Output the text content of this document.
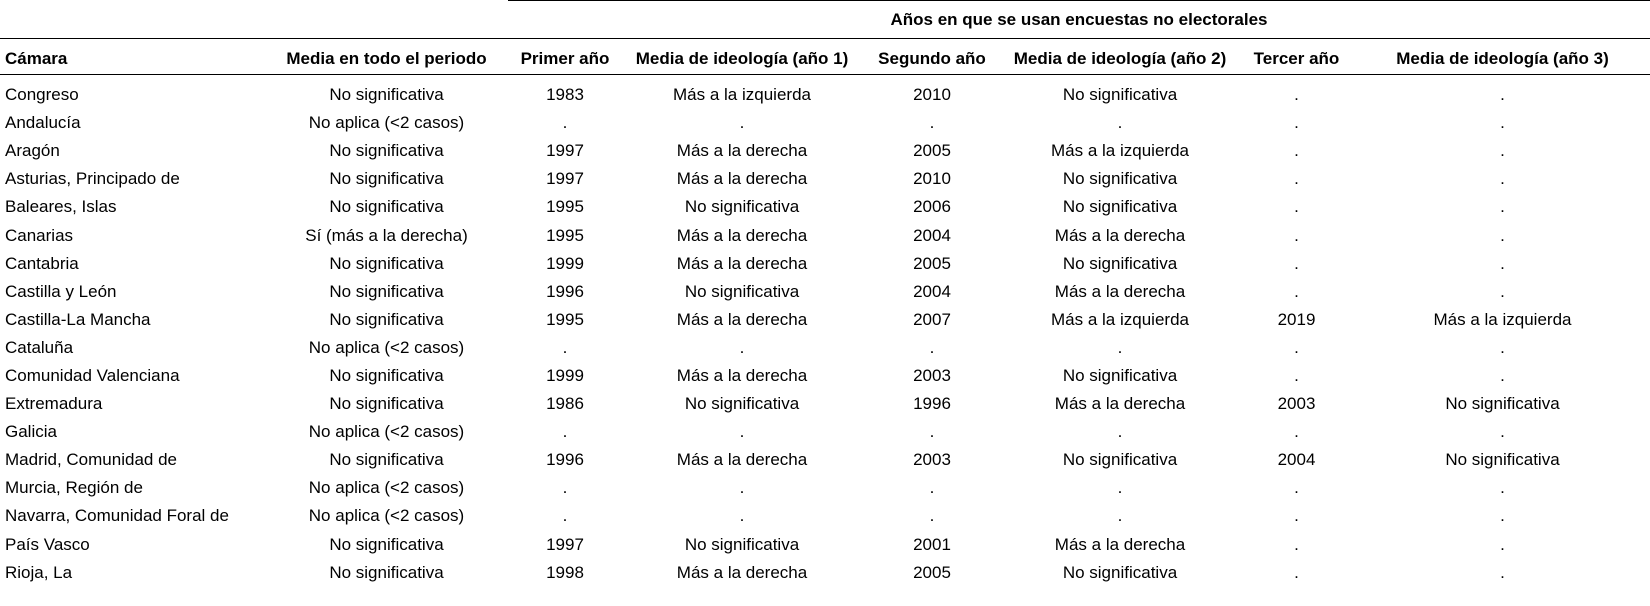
Años en que se usan encuestas no electorales
Cámara	Media en todo el periodo	Primer año	Media de ideología (año 1)	Segundo año	Media de ideología (año 2)	Tercer año	Media de ideología (año 3)
Congreso	No significativa	1983	Más a la izquierda	2010	No significativa	.	.
Andalucía	No aplica (<2 casos)	.	.	.	.	.	.
Aragón	No significativa	1997	Más a la derecha	2005	Más a la izquierda	.	.
Asturias, Principado de	No significativa	1997	Más a la derecha	2010	No significativa	.	.
Baleares, Islas	No significativa	1995	No significativa	2006	No significativa	.	.
Canarias	Sí (más a la derecha)	1995	Más a la derecha	2004	Más a la derecha	.	.
Cantabria	No significativa	1999	Más a la derecha	2005	No significativa	.	.
Castilla y León	No significativa	1996	No significativa	2004	Más a la derecha	.	.
Castilla-La Mancha	No significativa	1995	Más a la derecha	2007	Más a la izquierda	2019	Más a la izquierda
Cataluña	No aplica (<2 casos)	.	.	.	.	.	.
Comunidad Valenciana	No significativa	1999	Más a la derecha	2003	No significativa	.	.
Extremadura	No significativa	1986	No significativa	1996	Más a la derecha	2003	No significativa
Galicia	No aplica (<2 casos)	.	.	.	.	.	.
Madrid, Comunidad de	No significativa	1996	Más a la derecha	2003	No significativa	2004	No significativa
Murcia, Región de	No aplica (<2 casos)	.	.	.	.	.	.
Navarra, Comunidad Foral de	No aplica (<2 casos)	.	.	.	.	.	.
País Vasco	No significativa	1997	No significativa	2001	Más a la derecha	.	.
Rioja, La	No significativa	1998	Más a la derecha	2005	No significativa	.	.
